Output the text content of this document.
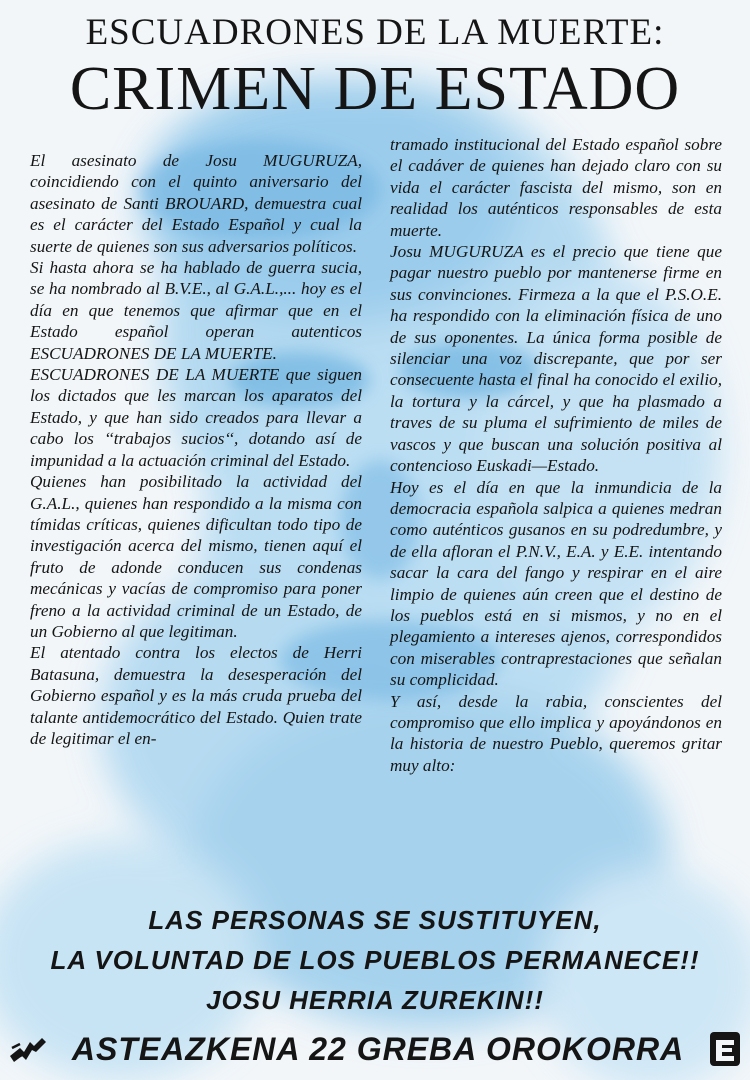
ESCUADRONES DE LA MUERTE:
CRIMEN DE ESTADO

El asesinato de Josu MUGURUZA, coincidiendo con el quinto aniversario del asesinato de Santi BROUARD, demuestra cual es el carácter del Estado Español y cual la suerte de quienes son sus adversarios políticos.

Si hasta ahora se ha hablado de guerra sucia, se ha nombrado al B.V.E., al G.A.L.,... hoy es el día en que tenemos que afirmar que en el Estado español operan autenticos ESCUADRONES DE LA MUERTE.

ESCUADRONES DE LA MUERTE que siguen los dictados que les marcan los aparatos del Estado, y que han sido creados para llevar a cabo los ‘‘trabajos sucios‘‘, dotando así de impunidad a la actuación criminal del Estado.

Quienes han posibilitado la actividad del G.A.L., quienes han respondido a la misma con tímidas críticas, quienes dificultan todo tipo de investigación acerca del mismo, tienen aquí el fruto de adonde conducen sus condenas mecánicas y vacías de compromiso para poner freno a la actividad criminal de un Estado, de un Gobierno al que legitiman.

El atentado contra los electos de Herri Batasuna, demuestra la desesperación del Gobierno español y es la más cruda prueba del talante antidemocrático del Estado. Quien trate de legitimar el en-

tramado institucional del Estado español sobre el cadáver de quienes han dejado claro con su vida el carácter fascista del mismo, son en realidad los auténticos responsables de esta muerte.

Josu MUGURUZA es el precio que tiene que pagar nuestro pueblo por mantenerse firme en sus convinciones. Firmeza a la que el P.S.O.E. ha respondido con la eliminación física de uno de sus oponentes. La única forma posible de silenciar una voz discrepante, que por ser consecuente hasta el final ha conocido el exilio, la tortura y la cárcel, y que ha plasmado a traves de su pluma el sufrimiento de miles de vascos y que buscan una solución positiva al contencioso Euskadi—Estado.

Hoy es el día en que la inmundicia de la democracia española salpica a quienes medran como auténticos gusanos en su podredumbre, y de ella afloran el P.N.V., E.A. y E.E. intentando sacar la cara del fango y respirar en el aire limpio de quienes aún creen que el destino de los pueblos está en si mismos, y no en el plegamiento a intereses ajenos, correspondidos con miserables contraprestaciones que señalan su complicidad.

Y así, desde la rabia, conscientes del compromiso que ello implica y apoyándonos en la historia de nuestro Pueblo, queremos gritar muy alto:

LAS PERSONAS SE SUSTITUYEN,
LA VOLUNTAD DE LOS PUEBLOS PERMANECE!!
JOSU HERRIA ZUREKIN!!
ASTEAZKENA 22 GREBA OROKORRA
